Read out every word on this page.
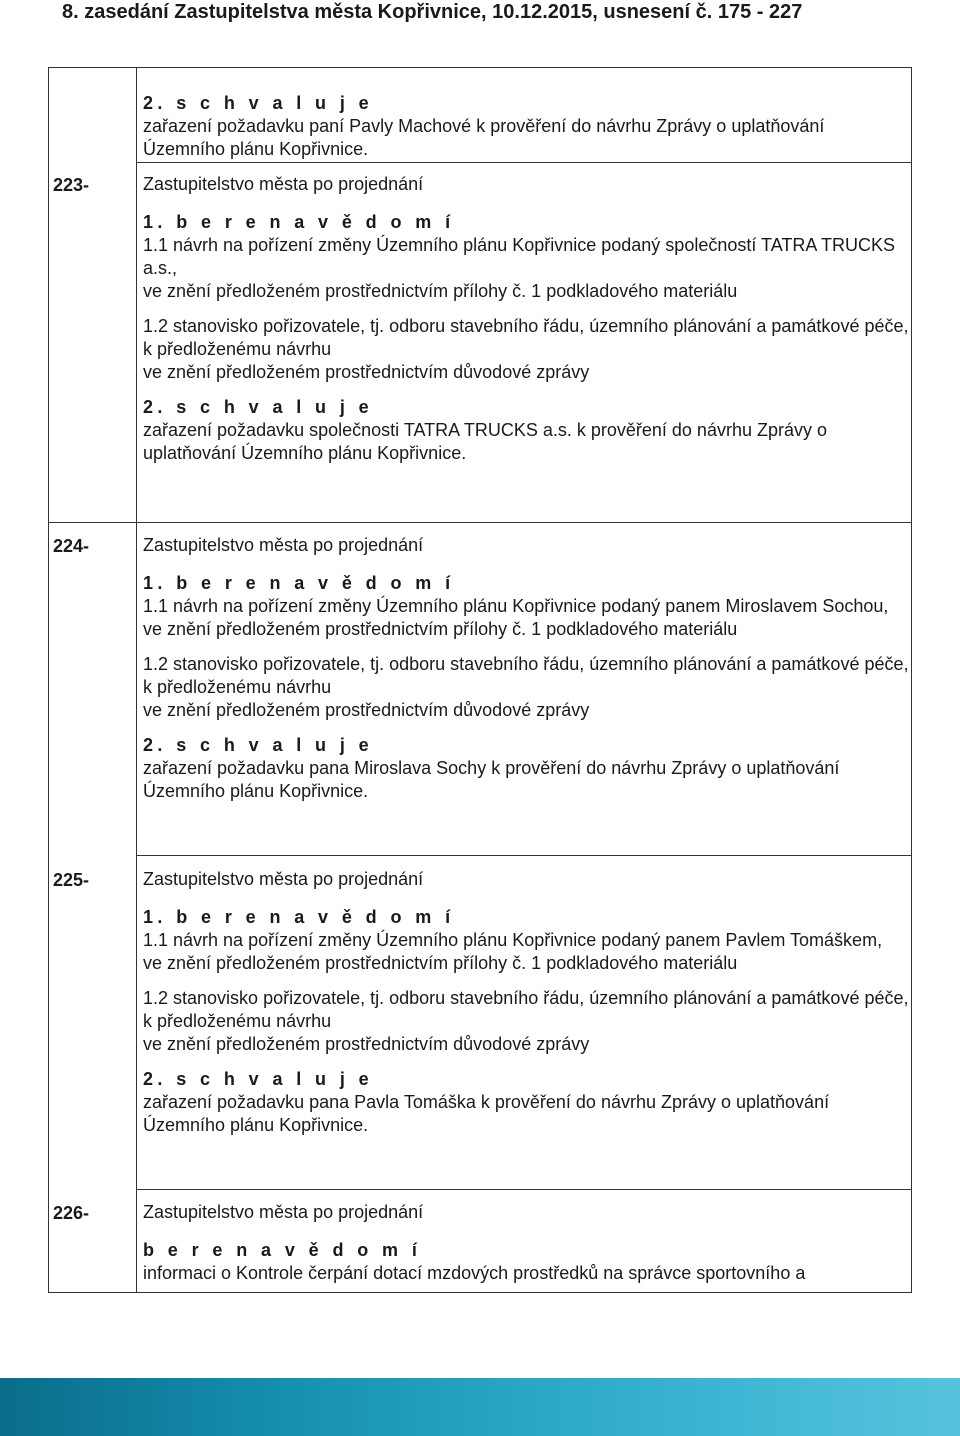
8. zasedání Zastupitelstva města Kopřivnice, 10.12.2015, usnesení č. 175 - 227

2. s c h v a l u j e

zařazení požadavku paní Pavly Machové k prověření do návrhu Zprávy o uplatňování Územního plánu Kopřivnice.

223-	Zastupitelstvo města po projednání

1. b e r e n a v ě d o m í

1.1 návrh na pořízení změny Územního plánu Kopřivnice podaný společností TATRA TRUCKS a.s.,

ve znění předloženém prostřednictvím přílohy č. 1 podkladového materiálu

1.2 stanovisko pořizovatele, tj. odboru stavebního řádu, územního plánování a památkové péče, k předloženému návrhu

ve znění předloženém prostřednictvím důvodové zprávy

2. s c h v a l u j e

zařazení požadavku společnosti TATRA TRUCKS a.s. k prověření do návrhu Zprávy o uplatňování Územního plánu Kopřivnice.

224-	Zastupitelstvo města po projednání

1. b e r e n a v ě d o m í

1.1 návrh na pořízení změny Územního plánu Kopřivnice podaný panem Miroslavem Sochou,

ve znění předloženém prostřednictvím přílohy č. 1 podkladového materiálu

1.2 stanovisko pořizovatele, tj. odboru stavebního řádu, územního plánování a památkové péče, k předloženému návrhu

ve znění předloženém prostřednictvím důvodové zprávy

2. s c h v a l u j e

zařazení požadavku pana Miroslava Sochy k prověření do návrhu Zprávy o uplatňování Územního plánu Kopřivnice.

225-	Zastupitelstvo města po projednání

1. b e r e n a v ě d o m í

1.1 návrh na pořízení změny Územního plánu Kopřivnice podaný panem Pavlem Tomáškem,

ve znění předloženém prostřednictvím přílohy č. 1 podkladového materiálu

1.2 stanovisko pořizovatele, tj. odboru stavebního řádu, územního plánování a památkové péče, k předloženému návrhu

ve znění předloženém prostřednictvím důvodové zprávy

2. s c h v a l u j e

zařazení požadavku pana Pavla Tomáška k prověření do návrhu Zprávy o uplatňování Územního plánu Kopřivnice.

226-	Zastupitelstvo města po projednání

b e r e n a v ě d o m í

informaci o Kontrole čerpání dotací mzdových prostředků na správce sportovního a
